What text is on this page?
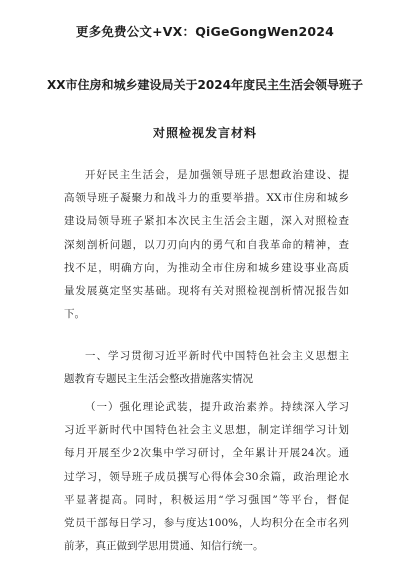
更多免费公文+VX：QiGeGongWen2024
XX市住房和城乡建设局关于2024年度民主生活会领导班子
对照检视发言材料
开好民主生活会，是加强领导班子思想政治建设、提
高领导班子凝聚力和战斗力的重要举措。XX市住房和城乡
建设局领导班子紧扣本次民主生活会主题，深入对照检查
深刻剖析问题，以刀刃向内的勇气和自我革命的精神，查
找不足，明确方向，为推动全市住房和城乡建设事业高质
量发展奠定坚实基础。现将有关对照检视剖析情况报告如
下。
一、学习贯彻习近平新时代中国特色社会主义思想主
题教育专题民主生活会整改措施落实情况
（一）强化理论武装，提升政治素养。持续深入学习
习近平新时代中国特色社会主义思想，制定详细学习计划
每月开展至少2次集中学习研讨，全年累计开展24次。通
过学习，领导班子成员撰写心得体会30余篇，政治理论水
平显著提高。同时，积极运用“学习强国”等平台，督促
党员干部每日学习，参与度达100%，人均积分在全市名列
前茅，真正做到学思用贯通、知信行统一。
